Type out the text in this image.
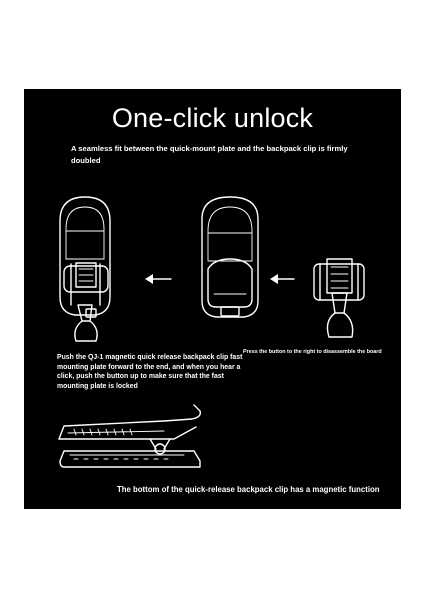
One-click unlock
A seamless fit between the quick-mount plate and the backpack clip is firmly doubled
Push the QJ-1 magnetic quick release backpack clip fast mounting plate forward to the end, and when you hear a click, push the button up to make sure that the fast mounting plate is locked
Press the button to the right to disassemble the board
The bottom of the quick-release backpack clip has a magnetic function
